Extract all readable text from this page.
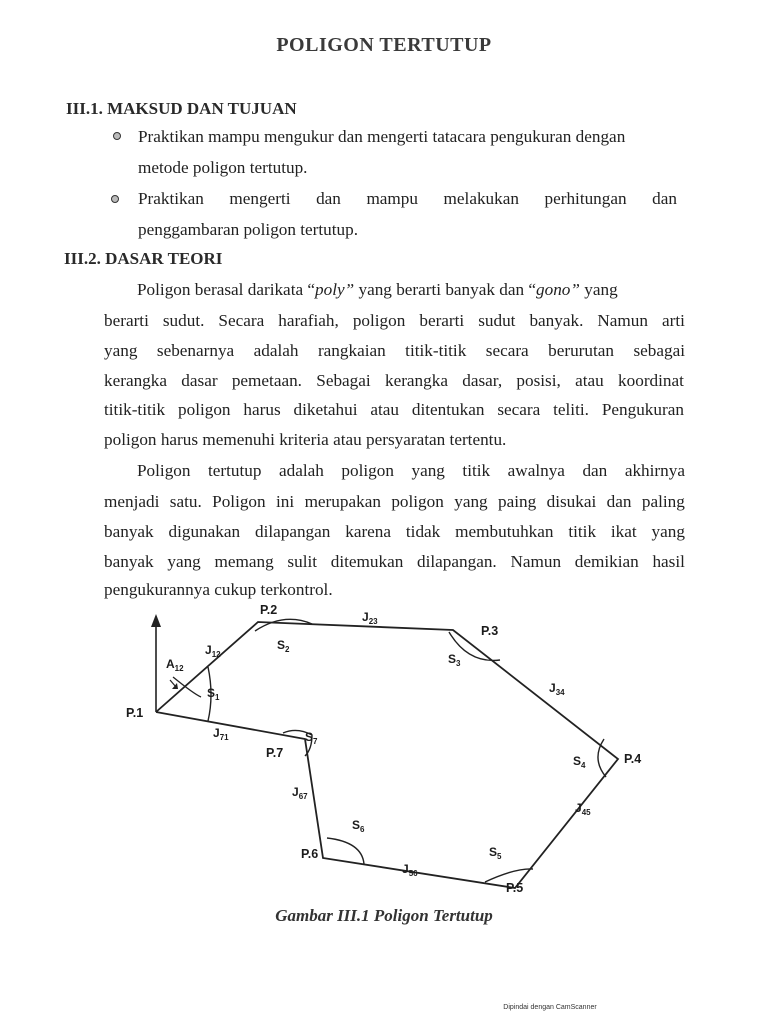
POLIGON TERTUTUP
III.1. MAKSUD DAN TUJUAN
Praktikan mampu mengukur dan mengerti tatacara pengukuran dengan
metode poligon tertutup.
Praktikan mengerti dan mampu melakukan perhitungan dan
penggambaran poligon tertutup.
III.2. DASAR TEORI
Poligon berasal darikata “poly” yang berarti banyak dan “gono” yang
berarti sudut. Secara harafiah, poligon berarti sudut banyak. Namun arti
yang sebenarnya adalah rangkaian titik-titik secara berurutan sebagai
kerangka dasar pemetaan. Sebagai kerangka dasar, posisi, atau koordinat
titik-titik poligon harus diketahui atau ditentukan secara teliti. Pengukuran
poligon harus memenuhi kriteria atau persyaratan tertentu.
Poligon tertutup adalah poligon yang titik awalnya dan akhirnya
menjadi satu. Poligon ini merupakan poligon yang paing disukai dan paling
banyak digunakan dilapangan karena tidak membutuhkan titik ikat yang
banyak yang memang sulit ditemukan dilapangan. Namun demikian hasil
pengukurannya cukup terkontrol.
P.1
P.2
P.3
P.4
P.5
P.6
P.7
$J_{12}$
$J_{23}$
$J_{34}$
$J_{45}$
$J_{56}$
$J_{67}$
$J_{71}$
$S_1$
$S_2$
$S_3$
$S_4$
$S_5$
$S_6$
$S_7$
$A_{12}$
Gambar III.1 Poligon Tertutup
Dipindai dengan CamScanner
